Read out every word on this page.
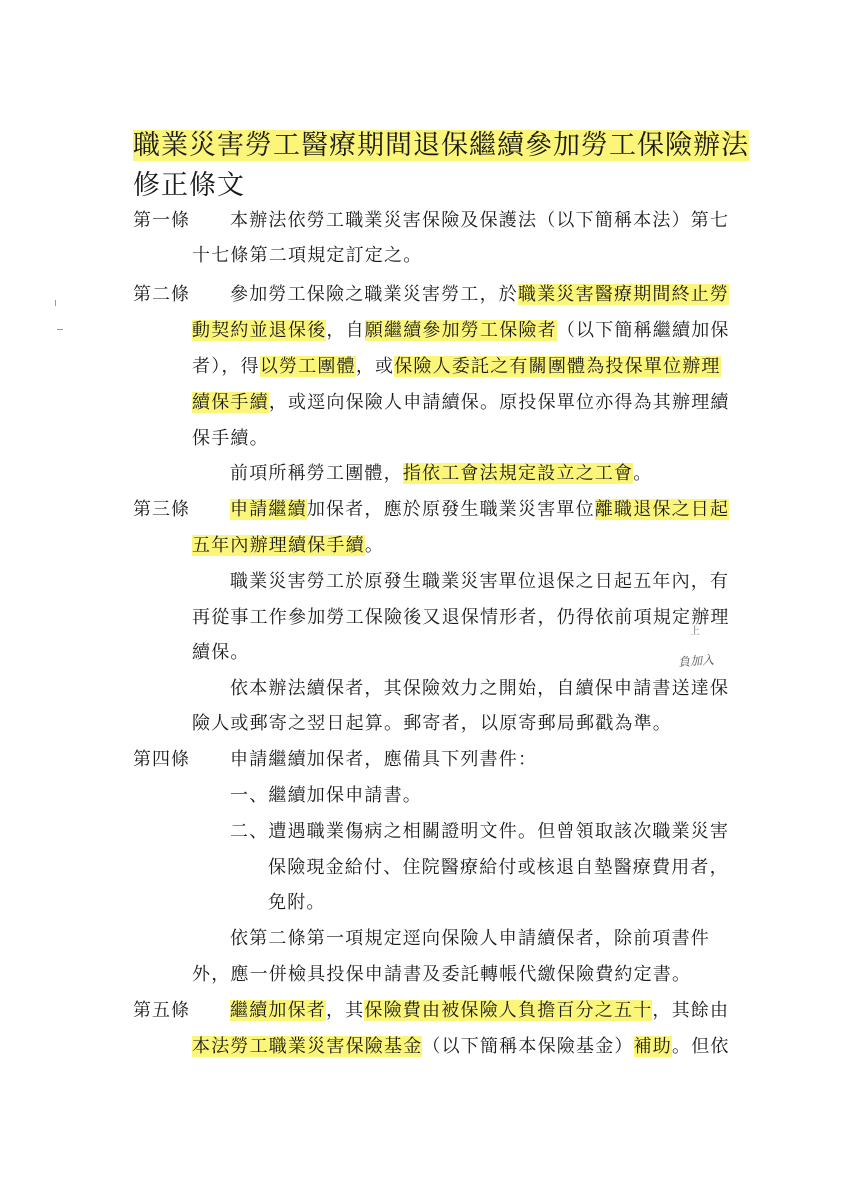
職業災害勞工醫療期間退保繼續參加勞工保險辦法
修正條文
第一條 本辦法依勞工職業災害保險及保護法（以下簡稱本法）第七
十七條第二項規定訂定之。
第二條 參加勞工保險之職業災害勞工，於職業災害醫療期間終止勞
動契約並退保後，自願繼續參加勞工保險者（以下簡稱繼續加保
者），得以勞工團體，或保險人委託之有關團體為投保單位辦理
續保手續，或逕向保險人申請續保。原投保單位亦得為其辦理續
保手續。
前項所稱勞工團體，指依工會法規定設立之工會。
第三條 申請繼續加保者，應於原發生職業災害單位離職退保之日起
五年內辦理續保手續。
職業災害勞工於原發生職業災害單位退保之日起五年內，有
再從事工作參加勞工保險後又退保情形者，仍得依前項規定辦理
續保。
依本辦法續保者，其保險效力之開始，自續保申請書送達保
險人或郵寄之翌日起算。郵寄者，以原寄郵局郵戳為準。
第四條 申請繼續加保者，應備具下列書件：
一、繼續加保申請書。
二、遭遇職業傷病之相關證明文件。但曾領取該次職業災害
保險現金給付、住院醫療給付或核退自墊醫療費用者，
免附。
依第二條第一項規定逕向保險人申請續保者，除前項書件
外，應一併檢具投保申請書及委託轉帳代繳保險費約定書。
第五條 繼續加保者，其保險費由被保險人負擔百分之五十，其餘由
本法勞工職業災害保險基金（以下簡稱本保險基金）補助。但依
上
負加入
